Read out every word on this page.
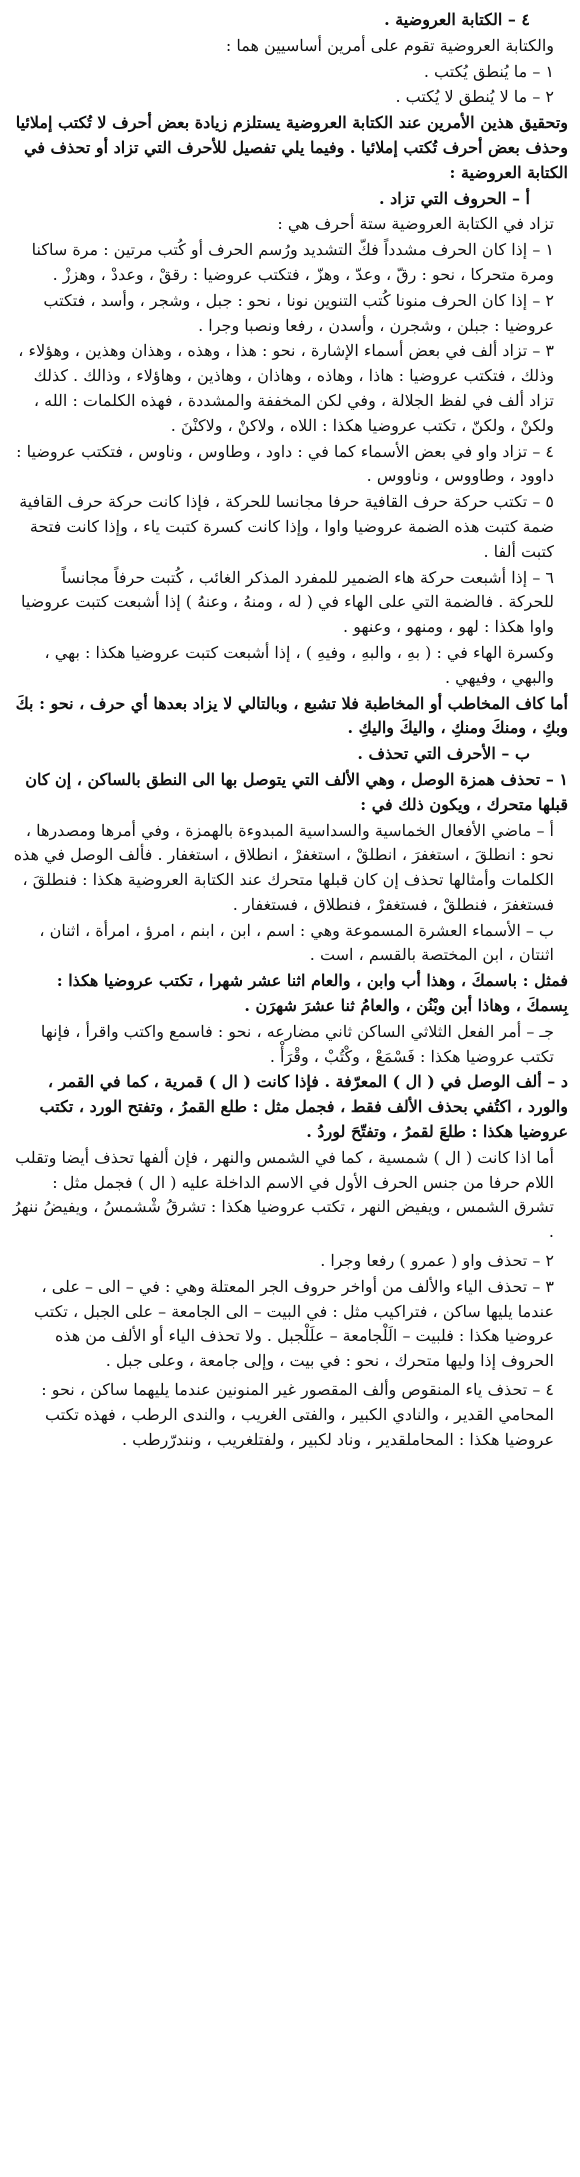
٤ – الكتابة العروضية .
والكتابة العروضية تقوم على أمرين أساسيين هما :
١ – ما يُنطق يُكتب .
٢ – ما لا يُنطق لا يُكتب .
وتحقيق هذين الأمرين عند الكتابة العروضية يستلزم زيادة بعض أحرف لا تُكتب إملائيا وحذف بعض أحرف تُكتب إملائيا . وفيما يلي تفصيل للأحرف التي تزاد أو تحذف في الكتابة العروضية :
أ – الحروف التي تزاد .
تزاد في الكتابة العروضية ستة أحرف هي :
١ – إذا كان الحرف مشدداً فكّ التشديد ورُسم الحرف أو كُتب مرتين : مرة ساكنا ومرة متحركا ، نحو : رقّ ، وعدّ ، وهزّ ، فتكتب عروضيا : رققْ ، وعددْ ، وهززْ .
٢ – إذا كان الحرف منونا كُتب التنوين نونا ، نحو : جبل ، وشجر ، وأسد ، فتكتب عروضيا : جبلن ، وشجرن ، وأسدن ، رفعا ونصبا وجرا .
٣ – تزاد ألف في بعض أسماء الإشارة ، نحو : هذا ، وهذه ، وهذان وهذين ، وهؤلاء ، وذلك ، فتكتب عروضيا : هاذا ، وهاذه ، وهاذان ، وهاذين ، وهاؤلاء ، وذالك . كذلك تزاد ألف في لفظ الجلالة ، وفي لكن المخففة والمشددة ، فهذه الكلمات : الله ، ولكنْ ، ولكنّ ، تكتب عروضيا هكذا : اللاه ، ولاكنْ ، ولاكنْنَ .
٤ – تزاد واو في بعض الأسماء كما في : داود ، وطاوس ، وناوس ، فتكتب عروضيا : داوود ، وطاووس ، وناووس .
٥ – تكتب حركة حرف القافية حرفا مجانسا للحركة ، فإذا كانت حركة حرف القافية ضمة كتبت هذه الضمة عروضيا واوا ، وإذا كانت كسرة كتبت ياء ، وإذا كانت فتحة كتبت ألفا .
٦ – إذا أشبعت حركة هاء الضمير للمفرد المذكر الغائب ، كُتبت حرفاً مجانساً للحركة . فالضمة التي على الهاء في ( له ، ومنهُ ، وعنهُ ) إذا أشبعت كتبت عروضيا واوا هكذا : لهو ، ومنهو ، وعنهو .
وكسرة الهاء في : ( بهِ ، والبهِ ، وفيهِ ) ، إذا أشبعت كتبت عروضيا هكذا : بهي ، والبهي ، وفيهي .
أما كاف المخاطب أو المخاطبة فلا تشبع ، وبالتالي لا يزاد بعدها أي حرف ، نحو : بكَ وبكِ ، ومنكَ ومنكِ ، واليكَ واليكِ .
ب – الأحرف التي تحذف .
١ – تحذف همزة الوصل ، وهي الألف التي يتوصل بها الى النطق بالساكن ، إن كان قبلها متحرك ، ويكون ذلك في :
أ – ماضي الأفعال الخماسية والسداسية المبدوءة بالهمزة ، وفي أمرها ومصدرها ، نحو : انطلقَ ، استغفرَ ، انطلقْ ، استغفرْ ، انطلاق ، استغفار . فألف الوصل في هذه الكلمات وأمثالها تحذف إن كان قبلها متحرك عند الكتابة العروضية هكذا : فنطلقَ ، فستغفرَ ، فنطلقْ ، فستغفرْ ، فنطلاق ، فستغفار .
ب – الأسماء العشرة المسموعة وهي : اسم ، ابن ، ابنم ، امرؤ ، امرأة ، اثنان ، اثنتان ، ابن المختصة بالقسم ، است .
فمثل : باسمكَ ، وهذا أب وابن ، والعام اثنا عشر شهرا ، تكتب عروضيا هكذا : بِسمكَ ، وهاذا أبن وبْنُن ، والعامُ ثنا عشرَ شهرَن .
جـ – أمر الفعل الثلاثي الساكن ثاني مضارعه ، نحو : فاسمع واكتب واقرأ ، فإنها تكتب عروضيا هكذا : فَسْمَعْ ، وكْتُبْ ، وقْرَأْ .
د – ألف الوصل في ( ال ) المعرّفة . فإذا كانت ( ال ) قمرية ، كما في القمر ، والورد ، اكتُفي بحذف الألف فقط ، فجمل مثل : طلع القمرُ ، وتفتح الورد ، تكتب عروضيا هكذا : طلعَ لقمرُ ، وتفتّحَ لوردُ .
أما اذا كانت ( ال ) شمسية ، كما في الشمس والنهر ، فإن ألفها تحذف أيضا وتقلب اللام حرفا من جنس الحرف الأول في الاسم الداخلة عليه ( ال ) فجمل مثل : تشرق الشمس ، ويفيض النهر ، تكتب عروضيا هكذا : تشرقُ شْشمسُ ، ويفيضُ ننهرُ .
٢ – تحذف واو ( عمرو ) رفعا وجرا .
٣ – تحذف الياء والألف من أواخر حروف الجر المعتلة وهي : في – الى – على ، عندما يليها ساكن ، فتراكيب مثل : في البيت – الى الجامعة – على الجبل ، تكتب عروضيا هكذا : فلبيت – الَلْجامعة – علَلْجبل . ولا تحذف الياء أو الألف من هذه الحروف إذا وليها متحرك ، نحو : في بيت ، وإلى جامعة ، وعلى جبل .
٤ – تحذف ياء المنقوص وألف المقصور غير المنونين عندما يليهما ساكن ، نحو : المحامي القدير ، والنادي الكبير ، والفتى الغريب ، والندى الرطب ، فهذه تكتب عروضيا هكذا : المحاملقدير ، وناد لكبير ، ولفتلغريب ، ونندرّرطب .
